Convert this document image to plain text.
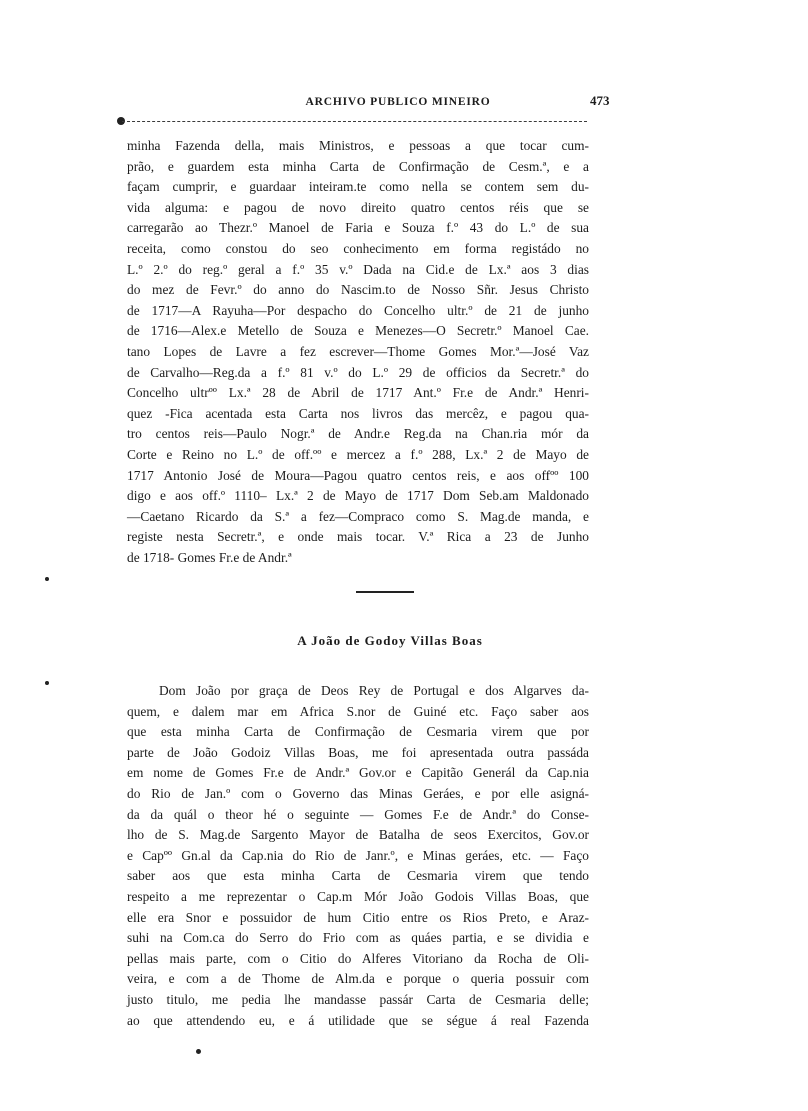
ARCHIVO PUBLICO MINEIRO	473
minha Fazenda della, mais Ministros, e pessoas a que tocar cum-
prão, e guardem esta minha Carta de Confirmação de Cesm.ª, e a
façam cumprir, e guardaar inteiram.te como nella se contem sem du-
vida alguma: e pagou de novo direito quatro centos réis que se
carregarão ao Thezr.º Manoel de Faria e Souza f.º 43 do L.º de sua
receita, como constou do seo conhecimento em forma registádo no
L.º 2.º do reg.º geral a f.º 35 v.º Dada na Cid.e de Lx.ª aos 3 dias
do mez de Fevr.º do anno do Nascim.to de Nosso Sñr. Jesus Christo
de 1717—A Rayuha—Por despacho do Concelho ultr.º de 21 de junho
de 1716—Alex.e Metello de Souza e Menezes—O Secretr.º Manoel Cae.
tano Lopes de Lavre a fez escrever—Thome Gomes Mor.ª—José Vaz
de Carvalho—Reg.da a f.º 81 v.º do L.º 29 de officios da Secretr.ª do
Concelho ultrºº Lx.ª 28 de Abril de 1717 Ant.º Fr.e de Andr.ª Henri-
quez -Fica acentada esta Carta nos livros das mercêz, e pagou qua-
tro centos reis—Paulo Nogr.ª de Andr.e Reg.da na Chan.ria mór da
Corte e Reino no L.º de off.ºº e mercez a f.º 288, Lx.ª 2 de Mayo de
1717 Antonio José de Moura—Pagou quatro centos reis, e aos offºº 100
digo e aos off.º 1110– Lx.ª 2 de Mayo de 1717 Dom Seb.am Maldonado
—Caetano Ricardo da S.ª a fez—Compraco como S. Mag.de manda, e
registe nesta Secretr.ª, e onde mais tocar. V.ª Rica a 23 de Junho
de 1718- Gomes Fr.e de Andr.ª
A João de Godoy Villas Boas
Dom João por graça de Deos Rey de Portugal e dos Algarves da-
quem, e dalem mar em Africa S.nor de Guiné etc. Faço saber aos
que esta minha Carta de Confirmação de Cesmaria virem que por
parte de João Godoiz Villas Boas, me foi apresentada outra passáda
em nome de Gomes Fr.e de Andr.ª Gov.or e Capitão Generál da Cap.nia
do Rio de Jan.º com o Governo das Minas Geráes, e por elle asigná-
da da quál o theor hé o seguinte — Gomes F.e de Andr.ª do Conse-
lho de S. Mag.de Sargento Mayor de Batalha de seos Exercitos, Gov.or
e Capºº Gn.al da Cap.nia do Rio de Janr.º, e Minas geráes, etc. — Faço
saber aos que esta minha Carta de Cesmaria virem que tendo
respeito a me reprezentar o Cap.m Mór João Godois Villas Boas, que
elle era Snor e possuidor de hum Citio entre os Rios Preto, e Araz-
suhi na Com.ca do Serro do Frio com as quáes partia, e se dividia e
pellas mais parte, com o Citio do Alferes Vitoriano da Rocha de Oli-
veira, e com a de Thome de Alm.da e porque o queria possuir com
justo titulo, me pedia lhe mandasse passár Carta de Cesmaria delle;
ao que attendendo eu, e á utilidade que se ségue á real Fazenda
